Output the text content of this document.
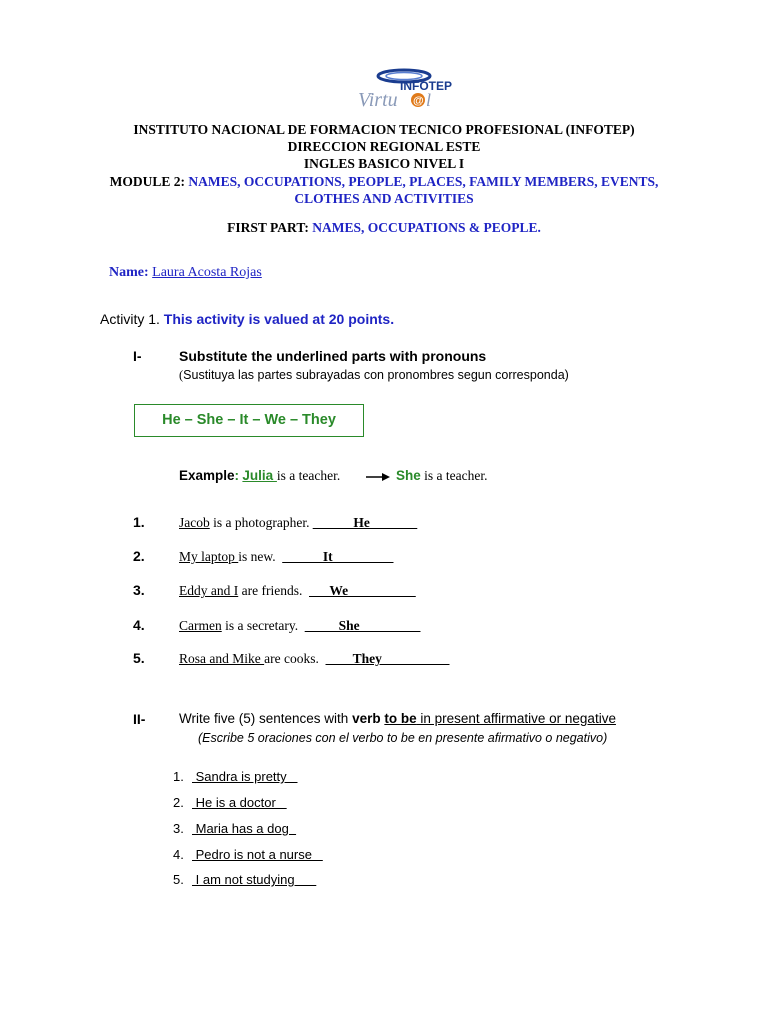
INFOTEP
Virtu @ l
INSTITUTO NACIONAL DE FORMACION TECNICO PROFESIONAL (INFOTEP)
DIRECCION REGIONAL ESTE
INGLES BASICO NIVEL I
MODULE 2: NAMES, OCCUPATIONS, PEOPLE, PLACES, FAMILY MEMBERS, EVENTS,
CLOTHES AND ACTIVITIES
FIRST PART: NAMES, OCCUPATIONS & PEOPLE.
Name: Laura Acosta Rojas
Activity 1. This activity is valued at 20 points.
I-	Substitute the underlined parts with pronouns
(Sustituya las partes subrayadas con pronombres segun corresponda)
He – She – It – We – They
Example: Julia is a teacher.	She is a teacher.
1.	Jacob is a photographer. ______He_______
2.	My laptop is new.  ______It_________
3.	Eddy and I are friends.  ___We__________
4.	Carmen is a secretary.  _____She_________
5.	Rosa and Mike are cooks.  ____They__________
II- Write five (5) sentences with verb to be in present affirmative or negative
(Escribe 5 oraciones con el verbo to be en presente afirmativo o negativo)
1. Sandra is pretty
2. He is a doctor
3. Maria has a dog
4. Pedro is not a nurse
5. I am not studying
